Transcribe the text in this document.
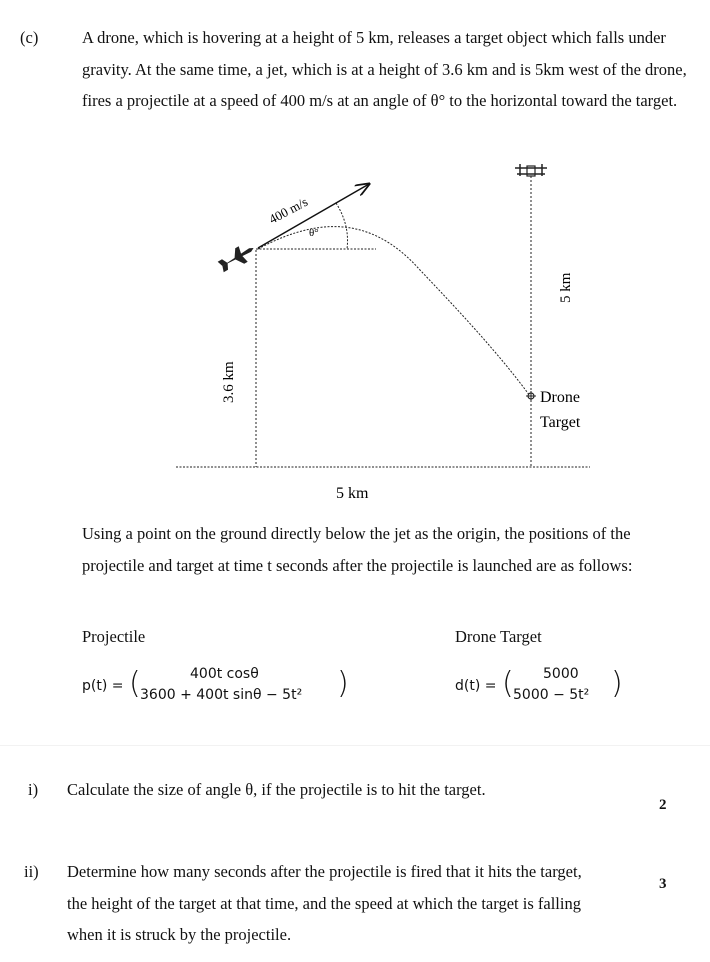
(c)	A drone, which is hovering at a height of 5 km, releases a target object which falls under gravity. At the same time, a jet, which is at a height of 3.6 km and is 5km west of the drone, fires a projectile at a speed of 400 m/s at an angle of θ° to the horizontal toward the target.
400 m/s
θ°
3.6 km
5 km
Drone
Target
5 km
Using a point on the ground directly below the jet as the origin, the positions of the projectile and target at time t seconds after the projectile is launched are as follows:
Projectile
p(t) = (	400t cosθ
3600 + 400t sinθ − 5t² )
Drone Target
d(t) = ( 5000
5000 − 5t² )
i) Calculate the size of angle θ, if the projectile is to hit the target.
2
ii) Determine how many seconds after the projectile is fired that it hits the target, the height of the target at that time, and the speed at which the target is falling when it is struck by the projectile.
3
